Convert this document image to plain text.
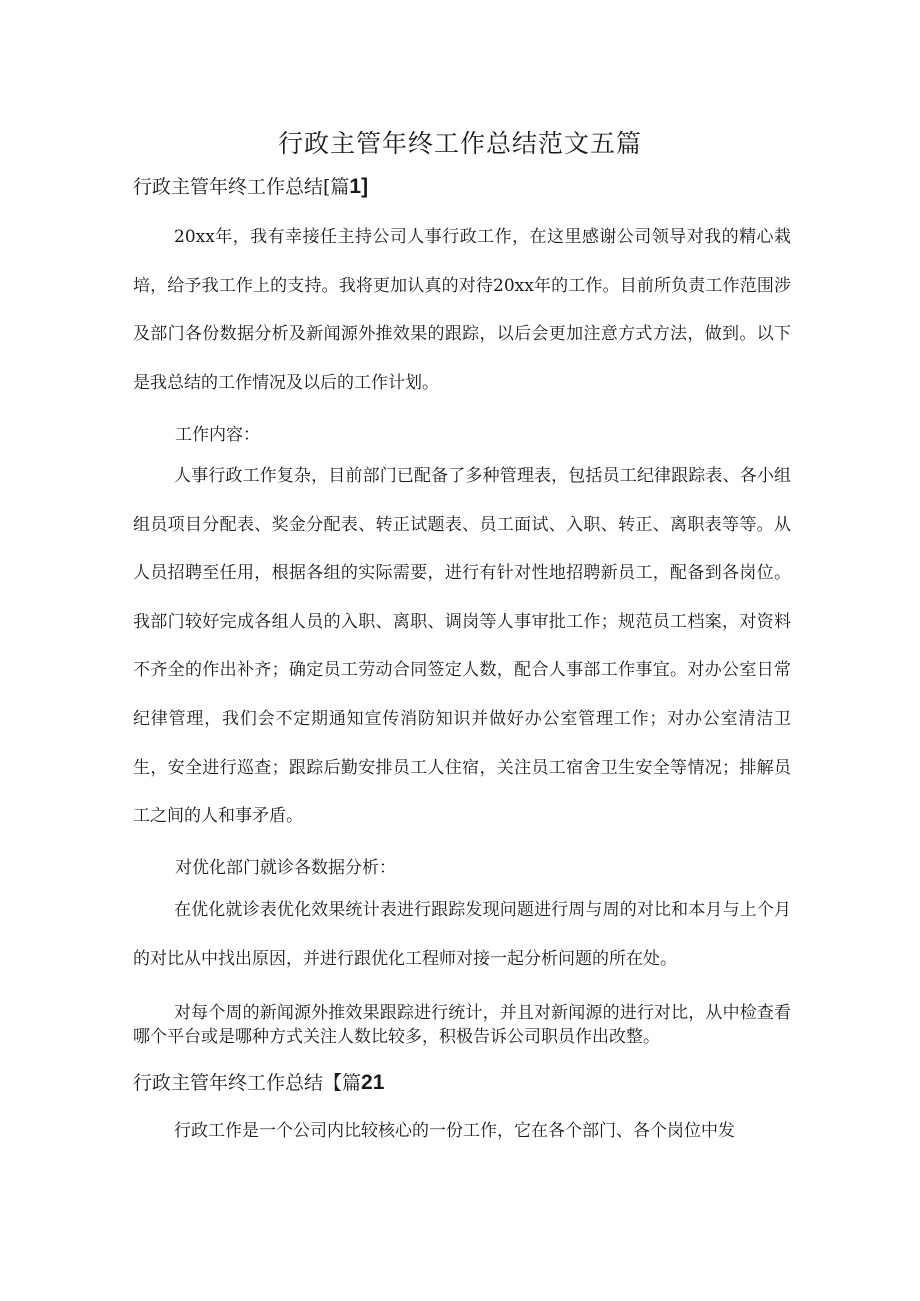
行政主管年终工作总结范文五篇
行政主管年终工作总结[篇1]

20xx年，我有幸接任主持公司人事行政工作，在这里感谢公司领导对我的精心栽培，给予我工作上的支持。我将更加认真的对待20xx年的工作。目前所负责工作范围涉及部门各份数据分析及新闻源外推效果的跟踪，以后会更加注意方式方法，做到。以下是我总结的工作情况及以后的工作计划。

工作内容：

人事行政工作复杂，目前部门已配备了多种管理表，包括员工纪律跟踪表、各小组组员项目分配表、奖金分配表、转正试题表、员工面试、入职、转正、离职表等等。从人员招聘至任用，根据各组的实际需要，进行有针对性地招聘新员工，配备到各岗位。我部门较好完成各组人员的入职、离职、调岗等人事审批工作；规范员工档案，对资料不齐全的作出补齐；确定员工劳动合同签定人数，配合人事部工作事宜。对办公室日常纪律管理，我们会不定期通知宣传消防知识并做好办公室管理工作；对办公室清洁卫生，安全进行巡查；跟踪后勤安排员工人住宿，关注员工宿舍卫生安全等情况；排解员工之间的人和事矛盾。

对优化部门就诊各数据分析：

在优化就诊表优化效果统计表进行跟踪发现问题进行周与周的对比和本月与上个月的对比从中找出原因，并进行跟优化工程师对接一起分析问题的所在处。

对每个周的新闻源外推效果跟踪进行统计，并且对新闻源的进行对比，从中检查看哪个平台或是哪种方式关注人数比较多，积极告诉公司职员作出改整。

行政主管年终工作总结【篇21

行政工作是一个公司内比较核心的一份工作，它在各个部门、各个岗位中发
